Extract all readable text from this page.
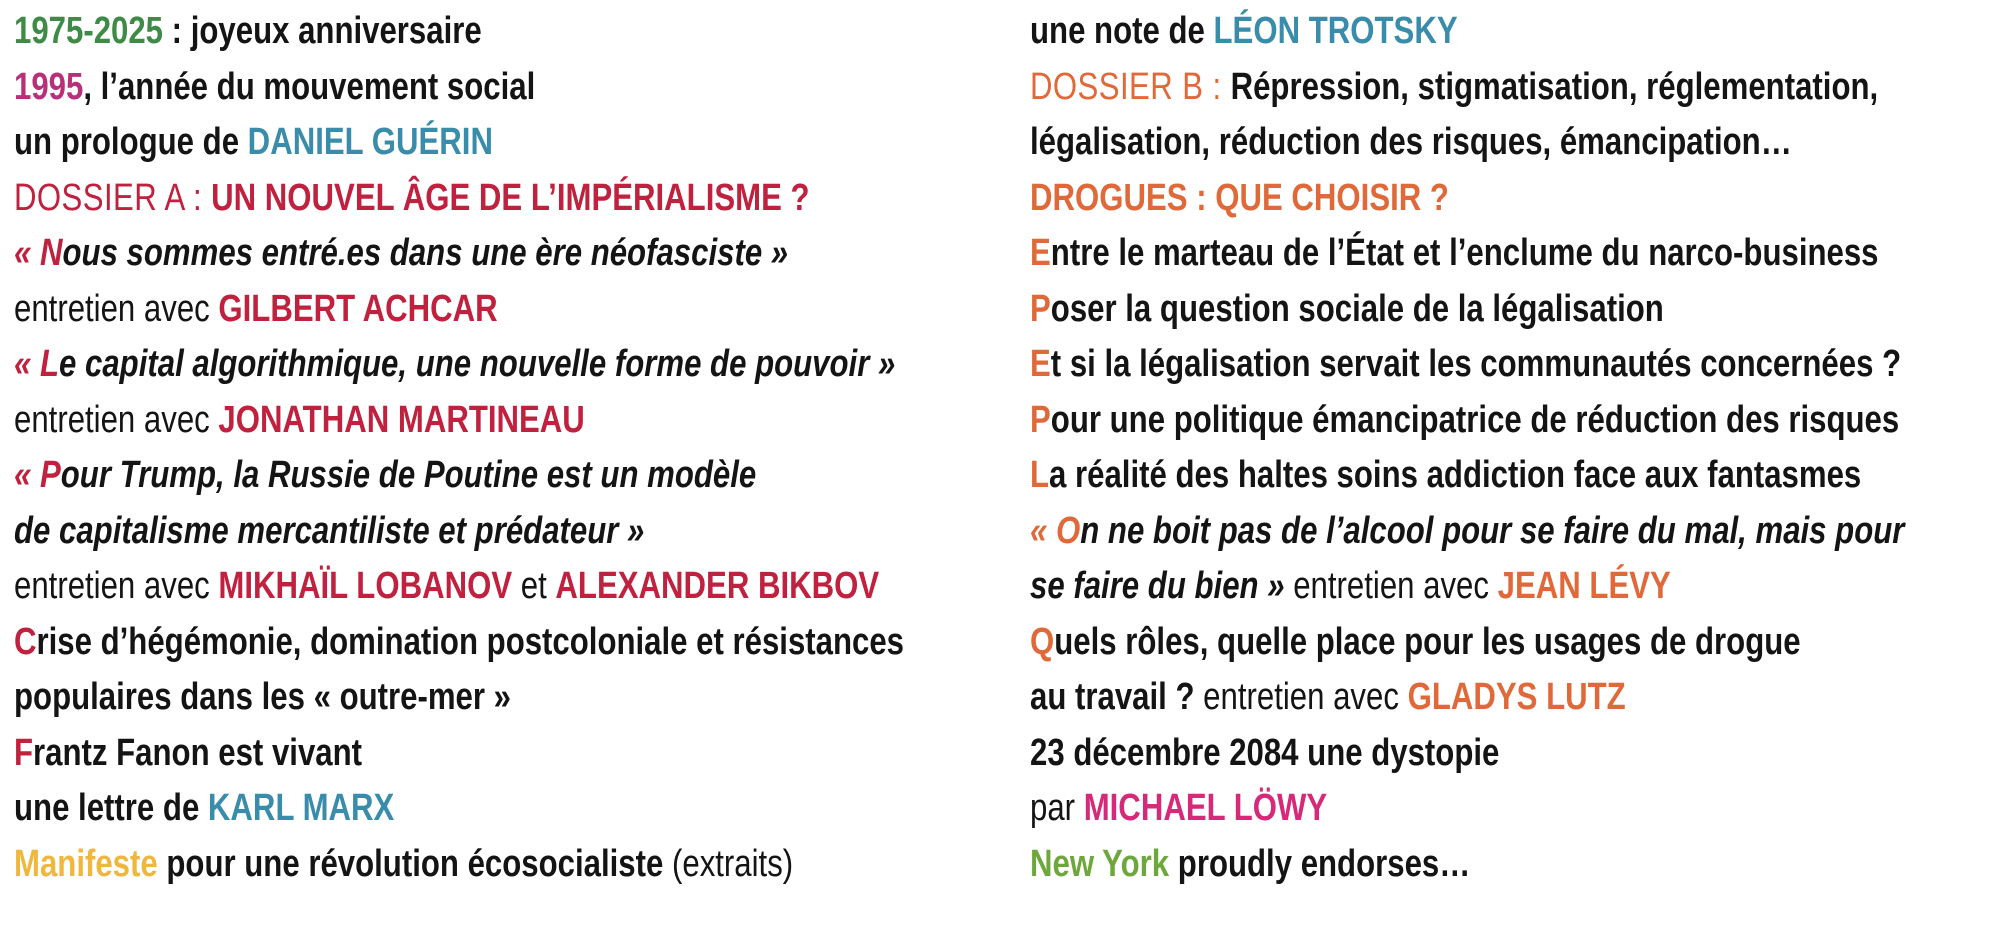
1975-2025 : joyeux anniversaire
1995, l’année du mouvement social
un prologue de DANIEL GUÉRIN
DOSSIER A : UN NOUVEL ÂGE DE L’IMPÉRIALISME ?
« Nous sommes entré.es dans une ère néofasciste »
entretien avec GILBERT ACHCAR
« Le capital algorithmique, une nouvelle forme de pouvoir »
entretien avec JONATHAN MARTINEAU
« Pour Trump, la Russie de Poutine est un modèle
de capitalisme mercantiliste et prédateur »
entretien avec MIKHAÏL LOBANOV et ALEXANDER BIKBOV
Crise d’hégémonie, domination postcoloniale et résistances
populaires dans les « outre-mer »
Frantz Fanon est vivant
une lettre de KARL MARX
Manifeste pour une révolution écosocialiste (extraits)
une note de LÉON TROTSKY
DOSSIER B : Répression, stigmatisation, réglementation,
légalisation, réduction des risques, émancipation…
DROGUES : QUE CHOISIR ?
Entre le marteau de l’État et l’enclume du narco-business
Poser la question sociale de la légalisation
Et si la légalisation servait les communautés concernées ?
Pour une politique émancipatrice de réduction des risques
La réalité des haltes soins addiction face aux fantasmes
« On ne boit pas de l’alcool pour se faire du mal, mais pour
se faire du bien » entretien avec JEAN LÉVY
Quels rôles, quelle place pour les usages de drogue
au travail ? entretien avec GLADYS LUTZ
23 décembre 2084 une dystopie
par MICHAEL LÖWY
New York proudly endorses…
